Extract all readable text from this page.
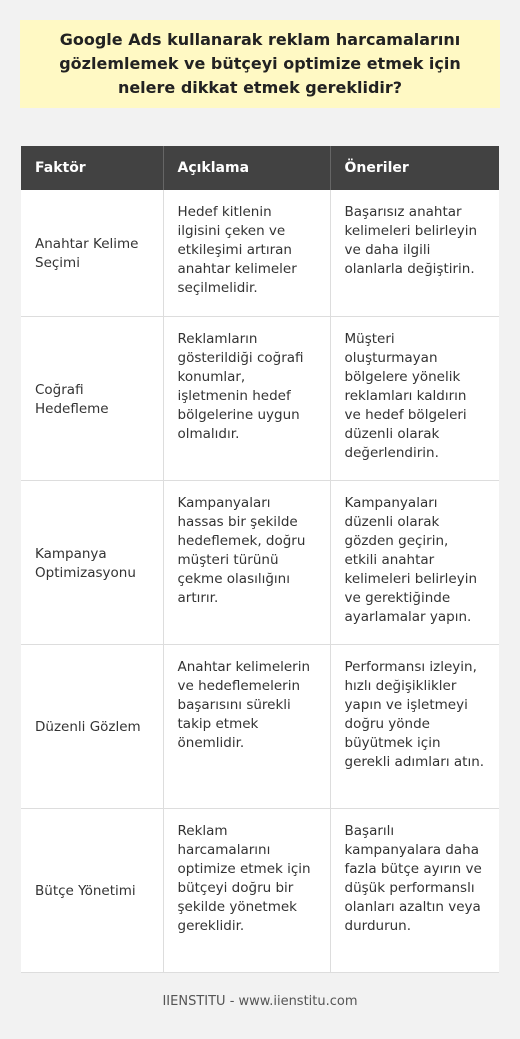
Google Ads kullanarak reklam harcamalarını gözlemlemek ve bütçeyi optimize etmek için nelere dikkat etmek gereklidir?
Faktör	Açıklama	Öneriler
Anahtar Kelime Seçimi	Hedef kitlenin ilgisini çeken ve etkileşimi artıran anahtar kelimeler seçilmelidir.	Başarısız anahtar kelimeleri belirleyin ve daha ilgili olanlarla değiştirin.
Coğrafi Hedefleme	Reklamların gösterildiği coğrafi konumlar, işletmenin hedef bölgelerine uygun olmalıdır.	Müşteri oluşturmayan bölgelere yönelik reklamları kaldırın ve hedef bölgeleri düzenli olarak değerlendirin.
Kampanya Optimizasyonu	Kampanyaları hassas bir şekilde hedeflemek, doğru müşteri türünü çekme olasılığını artırır.	Kampanyaları düzenli olarak gözden geçirin, etkili anahtar kelimeleri belirleyin ve gerektiğinde ayarlamalar yapın.
Düzenli Gözlem	Anahtar kelimelerin ve hedeflemelerin başarısını sürekli takip etmek önemlidir.	Performansı izleyin, hızlı değişiklikler yapın ve işletmeyi doğru yönde büyütmek için gerekli adımları atın.
Bütçe Yönetimi	Reklam harcamalarını optimize etmek için bütçeyi doğru bir şekilde yönetmek gereklidir.	Başarılı kampanyalara daha fazla bütçe ayırın ve düşük performanslı olanları azaltın veya durdurun.
IIENSTITU - www.iienstitu.com
